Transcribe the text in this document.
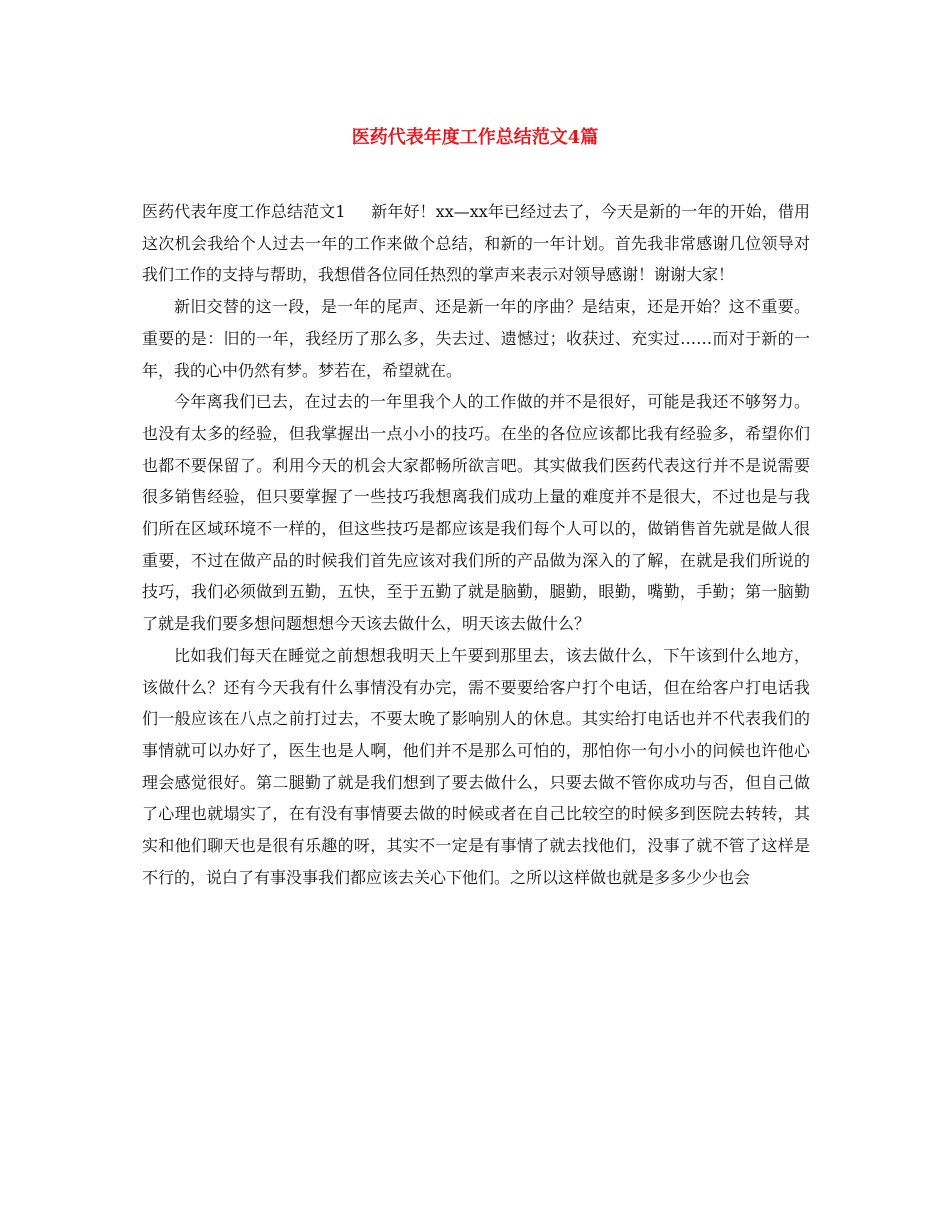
医药代表年度工作总结范文4篇

医药代表年度工作总结范文1 新年好！xx—xx年已经过去了，今天是新的一年的开始，借用这次机会我给个人过去一年的工作来做个总结，和新的一年计划。首先我非常感谢几位领导对我们工作的支持与帮助，我想借各位同任热烈的掌声来表示对领导感谢！谢谢大家！

新旧交替的这一段，是一年的尾声、还是新一年的序曲？是结束，还是开始？这不重要。重要的是：旧的一年，我经历了那么多，失去过、遗憾过；收获过、充实过……而对于新的一年，我的心中仍然有梦。梦若在，希望就在。

今年离我们已去，在过去的一年里我个人的工作做的并不是很好，可能是我还不够努力。也没有太多的经验，但我掌握出一点小小的技巧。在坐的各位应该都比我有经验多，希望你们也都不要保留了。利用今天的机会大家都畅所欲言吧。其实做我们医药代表这行并不是说需要很多销售经验，但只要掌握了一些技巧我想离我们成功上量的难度并不是很大，不过也是与我们所在区域环境不一样的，但这些技巧是都应该是我们每个人可以的，做销售首先就是做人很重要，不过在做产品的时候我们首先应该对我们所的产品做为深入的了解，在就是我们所说的技巧，我们必须做到五勤，五快，至于五勤了就是脑勤，腿勤，眼勤，嘴勤，手勤；第一脑勤了就是我们要多想问题想想今天该去做什么，明天该去做什么？

比如我们每天在睡觉之前想想我明天上午要到那里去，该去做什么，下午该到什么地方，该做什么？还有今天我有什么事情没有办完，需不要要给客户打个电话，但在给客户打电话我们一般应该在八点之前打过去，不要太晚了影响别人的休息。其实给打电话也并不代表我们的事情就可以办好了，医生也是人啊，他们并不是那么可怕的，那怕你一句小小的问候也许他心理会感觉很好。第二腿勤了就是我们想到了要去做什么，只要去做不管你成功与否，但自己做了心理也就塌实了，在有没有事情要去做的时候或者在自己比较空的时候多到医院去转转，其实和他们聊天也是很有乐趣的呀，其实不一定是有事情了就去找他们，没事了就不管了这样是不行的，说白了有事没事我们都应该去关心下他们。之所以这样做也就是多多少少也会
